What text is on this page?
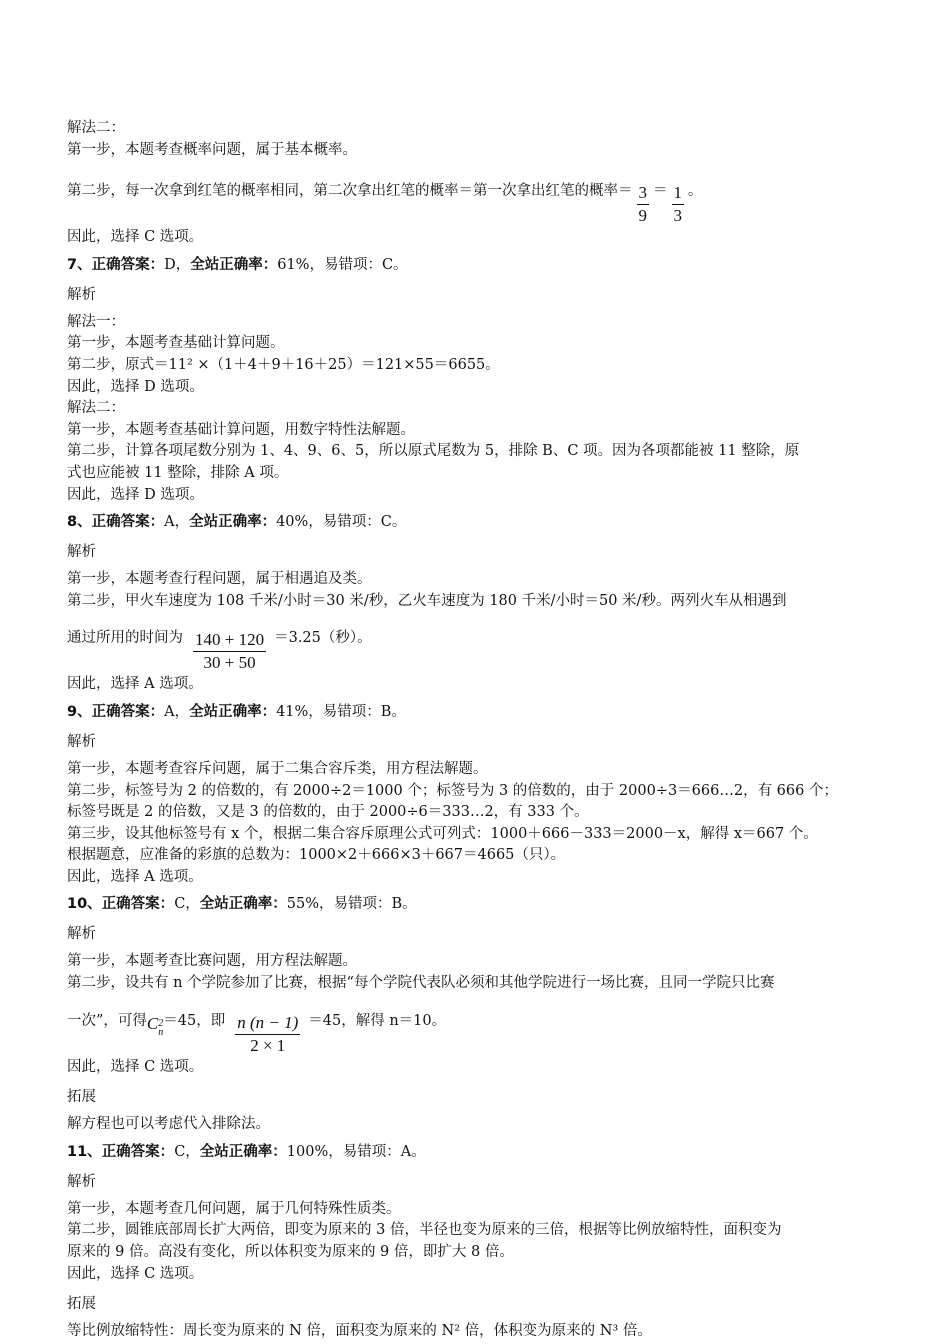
解法二：
第一步，本题考查概率问题，属于基本概率。
第二步，每一次拿到红笔的概率相同，第二次拿出红笔的概率＝第一次拿出红笔的概率＝ $\frac{3}{9} = \frac{1}{3}$ 。
因此，选择 C 选项。
7、正确答案：D，全站正确率：61%，易错项：C。
解析
解法一：
第一步，本题考查基础计算问题。
第二步，原式＝11² ×（1＋4＋9＋16＋25）＝121×55＝6655。
因此，选择 D 选项。
解法二：
第一步，本题考查基础计算问题，用数字特性法解题。
第二步，计算各项尾数分别为 1、4、9、6、5，所以原式尾数为 5，排除 B、C 项。因为各项都能被 11 整除，原
式也应能被 11 整除，排除 A 项。
因此，选择 D 选项。
8、正确答案：A，全站正确率：40%，易错项：C。
解析
第一步，本题考查行程问题，属于相遇追及类。
第二步，甲火车速度为 108 千米/小时＝30 米/秒，乙火车速度为 180 千米/小时＝50 米/秒。两列火车从相遇到
通过所用的时间为 $\frac{140 + 120}{30 + 50} =3.25$（秒）。
因此，选择 A 选项。
9、正确答案：A，全站正确率：41%，易错项：B。
解析
第一步，本题考查容斥问题，属于二集合容斥类，用方程法解题。
第二步，标签号为 2 的倍数的，有 2000÷2＝1000 个；标签号为 3 的倍数的，由于 2000÷3＝666…2，有 666 个；
标签号既是 2 的倍数，又是 3 的倍数的，由于 2000÷6＝333…2，有 333 个。
第三步，设其他标签号有 x 个，根据二集合容斥原理公式可列式：1000＋666－333＝2000－x，解得 x＝667 个。
根据题意，应准备的彩旗的总数为：1000×2＋666×3＋667＝4665（只）。
因此，选择 A 选项。
10、正确答案：C，全站正确率：55%，易错项：B。
解析
第一步，本题考查比赛问题，用方程法解题。
第二步，设共有 n 个学院参加了比赛，根据“每个学院代表队必须和其他学院进行一场比赛，且同一学院只比赛
一次”，可得C 2
n
＝45，即 $\frac{n (n - 1)}{2 \times 1} =45$，解得 n＝10。
因此，选择 C 选项。
拓展
解方程也可以考虑代入排除法。
11、正确答案：C，全站正确率：100%，易错项：A。
解析
第一步，本题考查几何问题，属于几何特殊性质类。
第二步，圆锥底部周长扩大两倍，即变为原来的 3 倍，半径也变为原来的三倍，根据等比例放缩特性，面积变为
原来的 9 倍。高没有变化，所以体积变为原来的 9 倍，即扩大 8 倍。
因此，选择 C 选项。
拓展
等比例放缩特性：周长变为原来的 N 倍，面积变为原来的 N² 倍，体积变为原来的 N³ 倍。
